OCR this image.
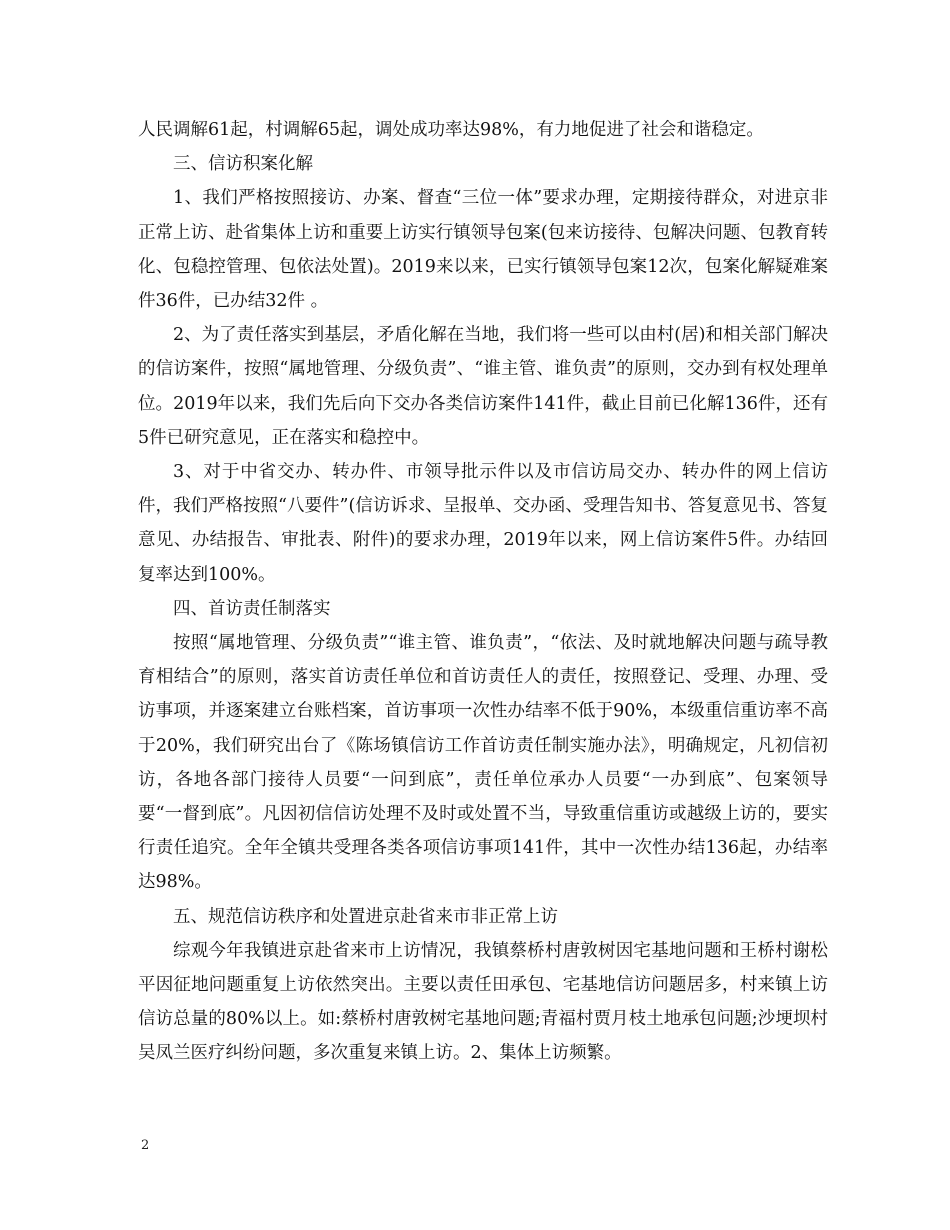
人民调解61起，村调解65起，调处成功率达98%，有力地促进了社会和谐稳定。

三、信访积案化解

1、我们严格按照接访、办案、督查“三位一体”要求办理，定期接待群众，对进京非正常上访、赴省集体上访和重要上访实行镇领导包案(包来访接待、包解决问题、包教育转化、包稳控管理、包依法处置)。2019来以来，已实行镇领导包案12次，包案化解疑难案件36件，已办结32件 。

2、为了责任落实到基层，矛盾化解在当地，我们将一些可以由村(居)和相关部门解决的信访案件，按照“属地管理、分级负责”、“谁主管、谁负责”的原则，交办到有权处理单位。2019年以来，我们先后向下交办各类信访案件141件，截止目前已化解136件，还有5件已研究意见，正在落实和稳控中。

3、对于中省交办、转办件、市领导批示件以及市信访局交办、转办件的网上信访件，我们严格按照“八要件”(信访诉求、呈报单、交办函、受理告知书、答复意见书、答复意见、办结报告、审批表、附件)的要求办理，2019年以来，网上信访案件5件。办结回复率达到100%。

四、首访责任制落实

按照“属地管理、分级负责”“谁主管、谁负责”，“依法、及时就地解决问题与疏导教育相结合”的原则，落实首访责任单位和首访责任人的责任，按照登记、受理、办理、受访事项，并逐案建立台账档案，首访事项一次性办结率不低于90%，本级重信重访率不高于20%，我们研究出台了《陈场镇信访工作首访责任制实施办法》，明确规定，凡初信初访，各地各部门接待人员要“一问到底”，责任单位承办人员要“一办到底”、包案领导要“一督到底”。凡因初信信访处理不及时或处置不当，导致重信重访或越级上访的，要实行责任追究。全年全镇共受理各类各项信访事项141件，其中一次性办结136起，办结率达98%。

五、规范信访秩序和处置进京赴省来市非正常上访

综观今年我镇进京赴省来市上访情况，我镇蔡桥村唐敦树因宅基地问题和王桥村谢松平因征地问题重复上访依然突出。主要以责任田承包、宅基地信访问题居多，村来镇上访信访总量的80%以上。如:蔡桥村唐敦树宅基地问题;青福村贾月枝土地承包问题;沙埂坝村吴凤兰医疗纠纷问题，多次重复来镇上访。2、集体上访频繁。

2
